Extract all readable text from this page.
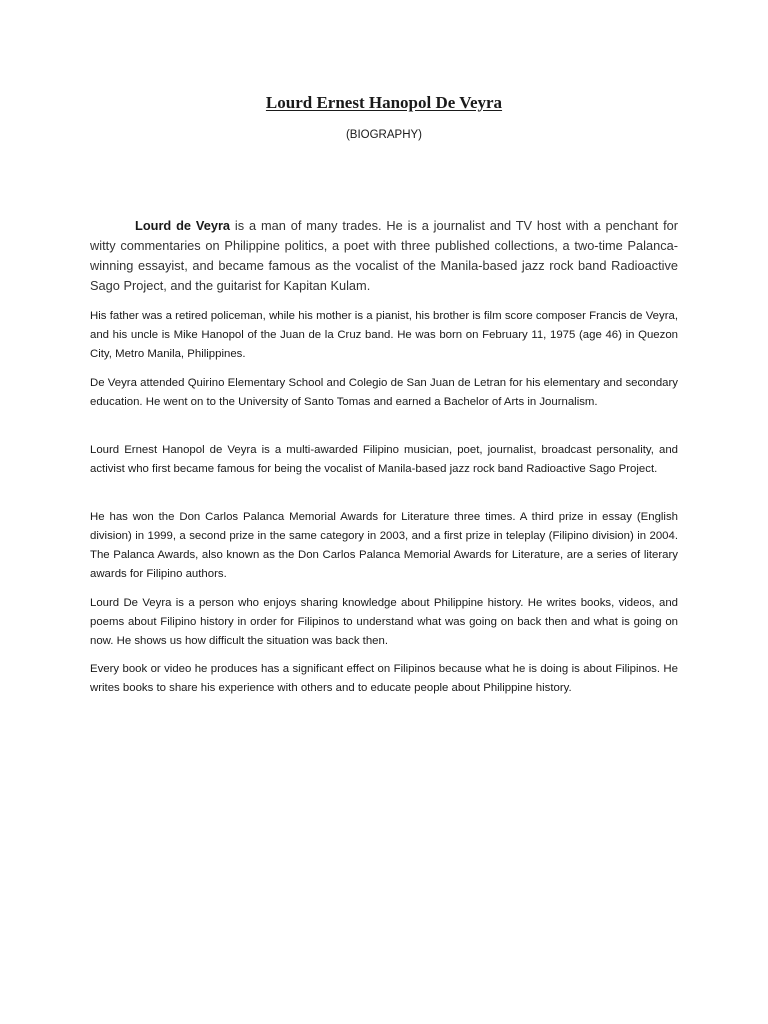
Lourd Ernest Hanopol De Veyra

(BIOGRAPHY)

Lourd de Veyra is a man of many trades. He is a journalist and TV host with a penchant for witty commentaries on Philippine politics, a poet with three published collections, a two-time Palanca-winning essayist, and became famous as the vocalist of the Manila-based jazz rock band Radioactive Sago Project, and the guitarist for Kapitan Kulam.

His father was a retired policeman, while his mother is a pianist, his brother is film score composer Francis de Veyra, and his uncle is Mike Hanopol of the Juan de la Cruz band. He was born on February 11, 1975 (age 46) in Quezon City, Metro Manila, Philippines.

De Veyra attended Quirino Elementary School and Colegio de San Juan de Letran for his elementary and secondary education. He went on to the University of Santo Tomas and earned a Bachelor of Arts in Journalism.

Lourd Ernest Hanopol de Veyra is a multi-awarded Filipino musician, poet, journalist, broadcast personality, and activist who first became famous for being the vocalist of Manila-based jazz rock band Radioactive Sago Project.

He has won the Don Carlos Palanca Memorial Awards for Literature three times. A third prize in essay (English division) in 1999, a second prize in the same category in 2003, and a first prize in teleplay (Filipino division) in 2004. The Palanca Awards, also known as the Don Carlos Palanca Memorial Awards for Literature, are a series of literary awards for Filipino authors.

Lourd De Veyra is a person who enjoys sharing knowledge about Philippine history. He writes books, videos, and poems about Filipino history in order for Filipinos to understand what was going on back then and what is going on now. He shows us how difficult the situation was back then.

Every book or video he produces has a significant effect on Filipinos because what he is doing is about Filipinos. He writes books to share his experience with others and to educate people about Philippine history.
